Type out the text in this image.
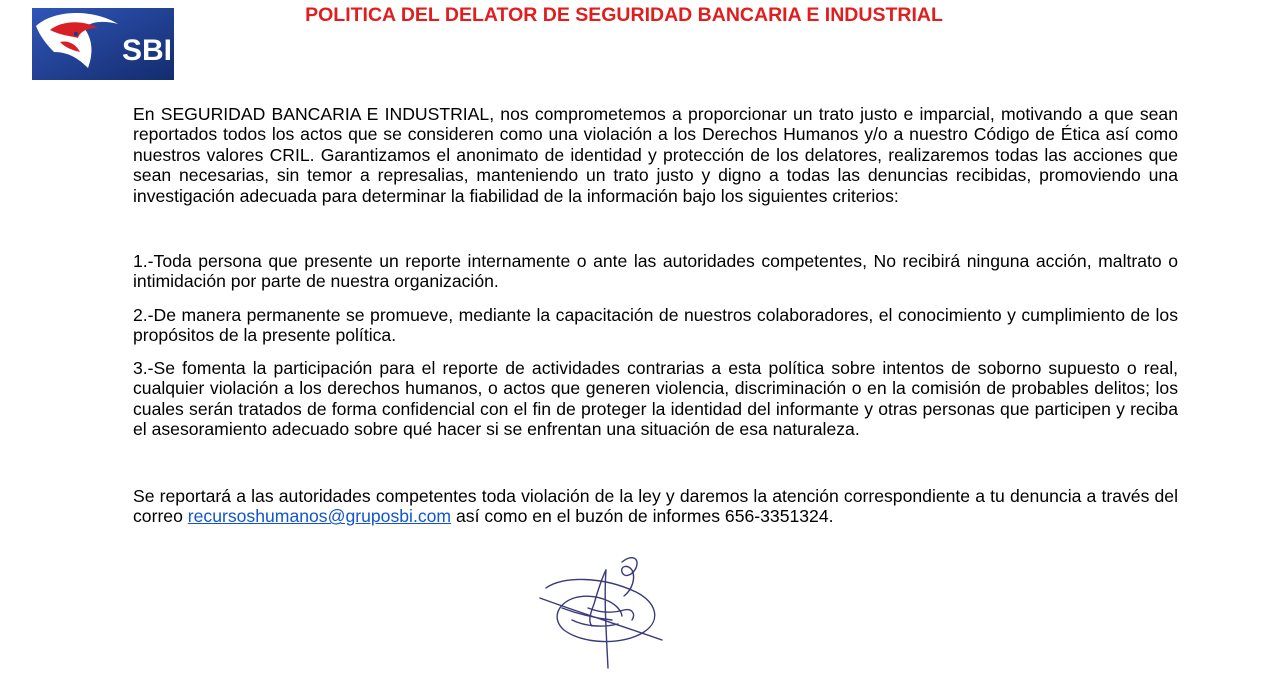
SBI
POLITICA DEL DELATOR DE SEGURIDAD BANCARIA E INDUSTRIAL

En SEGURIDAD BANCARIA E INDUSTRIAL, nos comprometemos a proporcionar un trato justo e imparcial, motivando a que sean reportados todos los actos que se consideren como una violación a los Derechos Humanos y/o a nuestro Código de Ética así como nuestros valores CRIL. Garantizamos el anonimato de identidad y protección de los delatores, realizaremos todas las acciones que sean necesarias, sin temor a represalias, manteniendo un trato justo y digno a todas las denuncias recibidas, promoviendo una investigación adecuada para determinar la fiabilidad de la información bajo los siguientes criterios:

1.-Toda persona que presente un reporte internamente o ante las autoridades competentes, No recibirá ninguna acción, maltrato o intimidación por parte de nuestra organización.

2.-De manera permanente se promueve, mediante la capacitación de nuestros colaboradores, el conocimiento y cumplimiento de los propósitos de la presente política.

3.-Se fomenta la participación para el reporte de actividades contrarias a esta política sobre intentos de soborno supuesto o real, cualquier violación a los derechos humanos, o actos que generen violencia, discriminación o en la comisión de probables delitos; los cuales serán tratados de forma confidencial con el fin de proteger la identidad del informante y otras personas que participen y reciba el asesoramiento adecuado sobre qué hacer si se enfrentan una situación de esa naturaleza.

Se reportará a las autoridades competentes toda violación de la ley y daremos la atención correspondiente a tu denuncia a través del correo recursoshumanos@gruposbi.com así como en el buzón de informes 656-3351324.
